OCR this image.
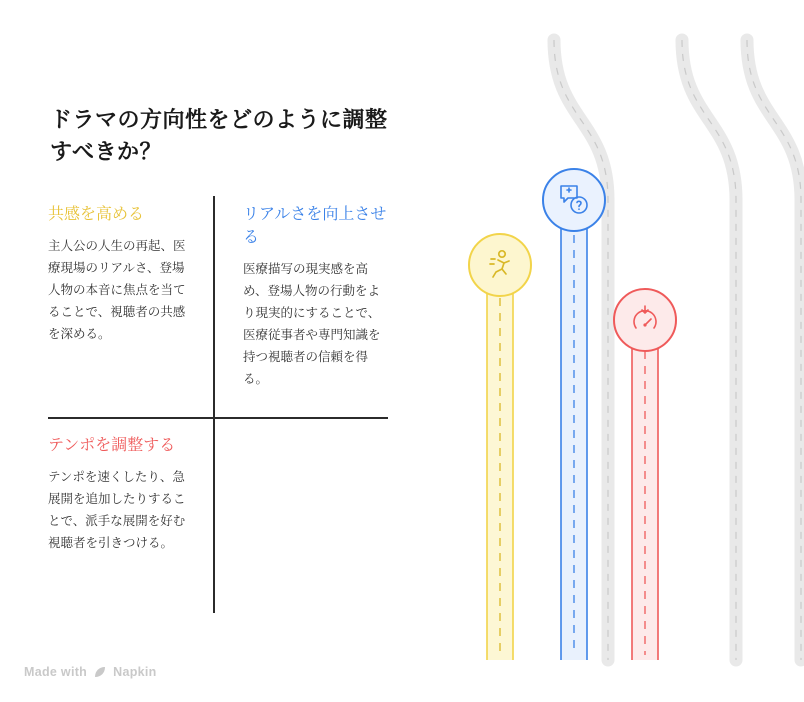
ドラマの方向性をどのように調整すべきか？
共感を高める
主人公の人生の再起、医療現場のリアルさ、登場人物の本音に焦点を当てることで、視聴者の共感を深める。
リアルさを向上させる
医療描写の現実感を高め、登場人物の行動をより現実的にすることで、医療従事者や専門知識を持つ視聴者の信頼を得る。
テンポを調整する
テンポを速くしたり、急展開を追加したりすることで、派手な展開を好む視聴者を引きつける。
Made with Napkin
